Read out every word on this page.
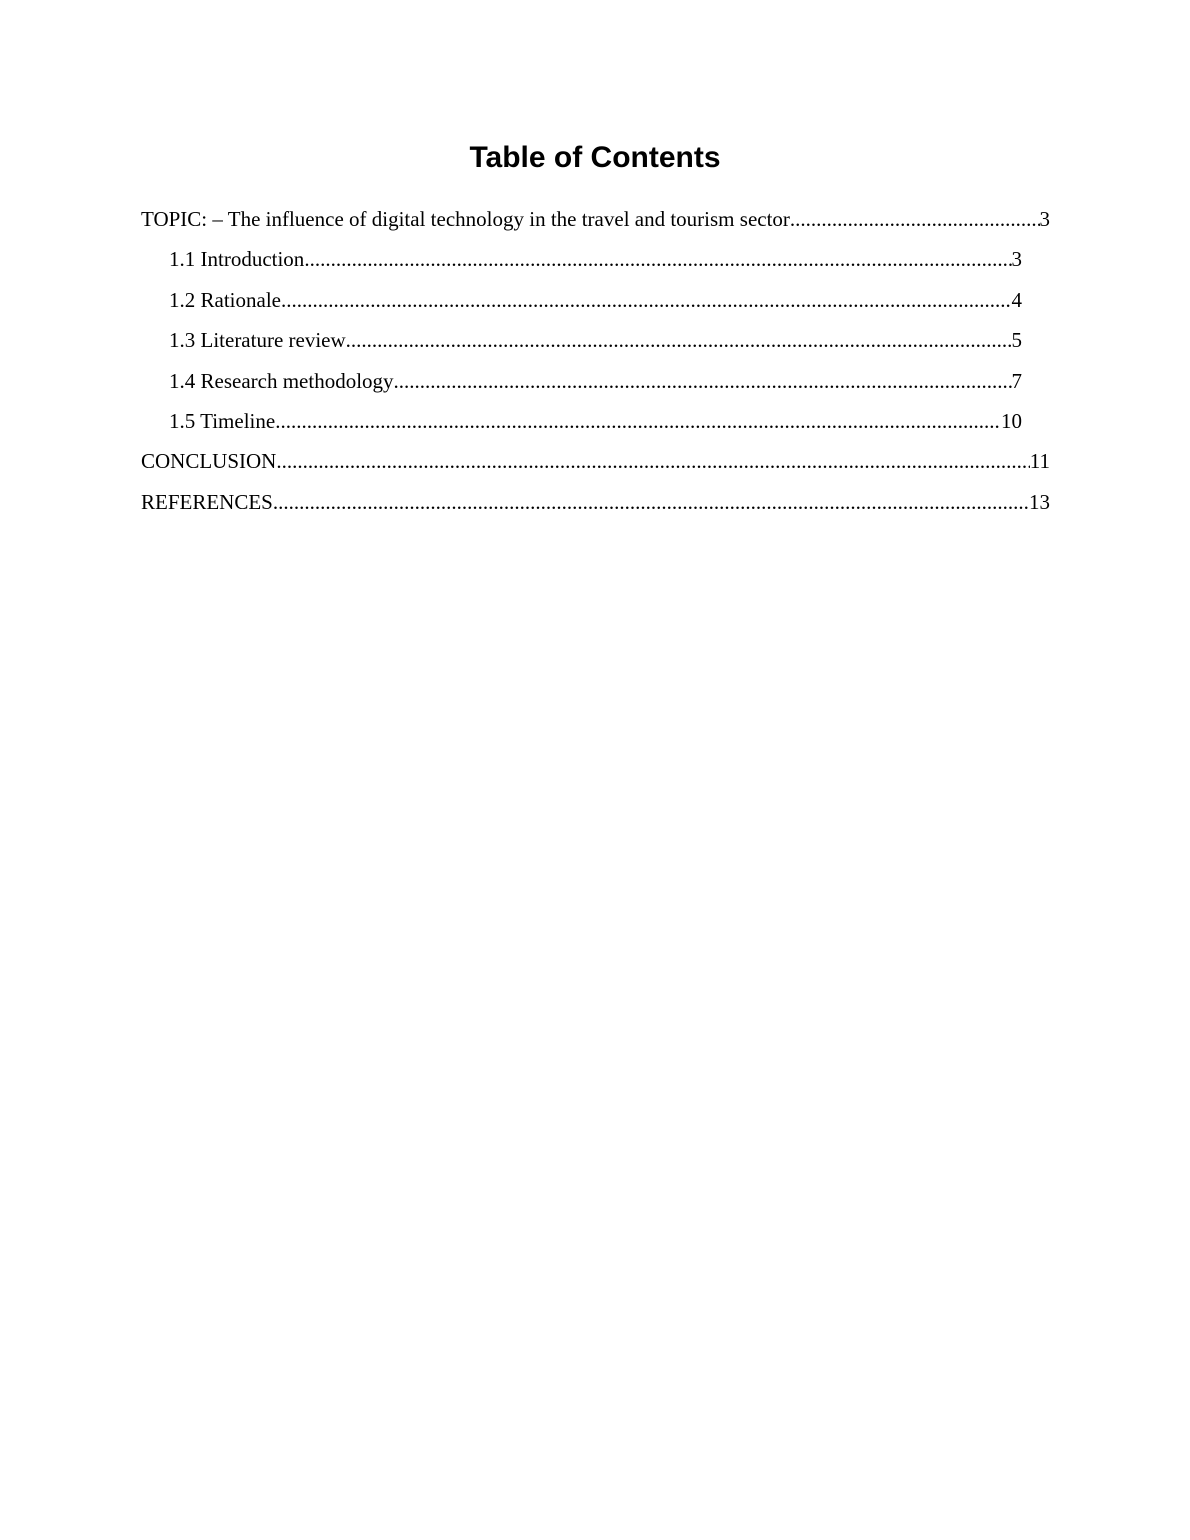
Table of Contents
TOPIC: – The influence of digital technology in the travel and tourism sector .....	3
1.1 Introduction .....	3
1.2 Rationale .....	4
1.3 Literature review .....	5
1.4 Research methodology .....	7
1.5 Timeline .....	10
CONCLUSION .....	11
REFERENCES .....	13
